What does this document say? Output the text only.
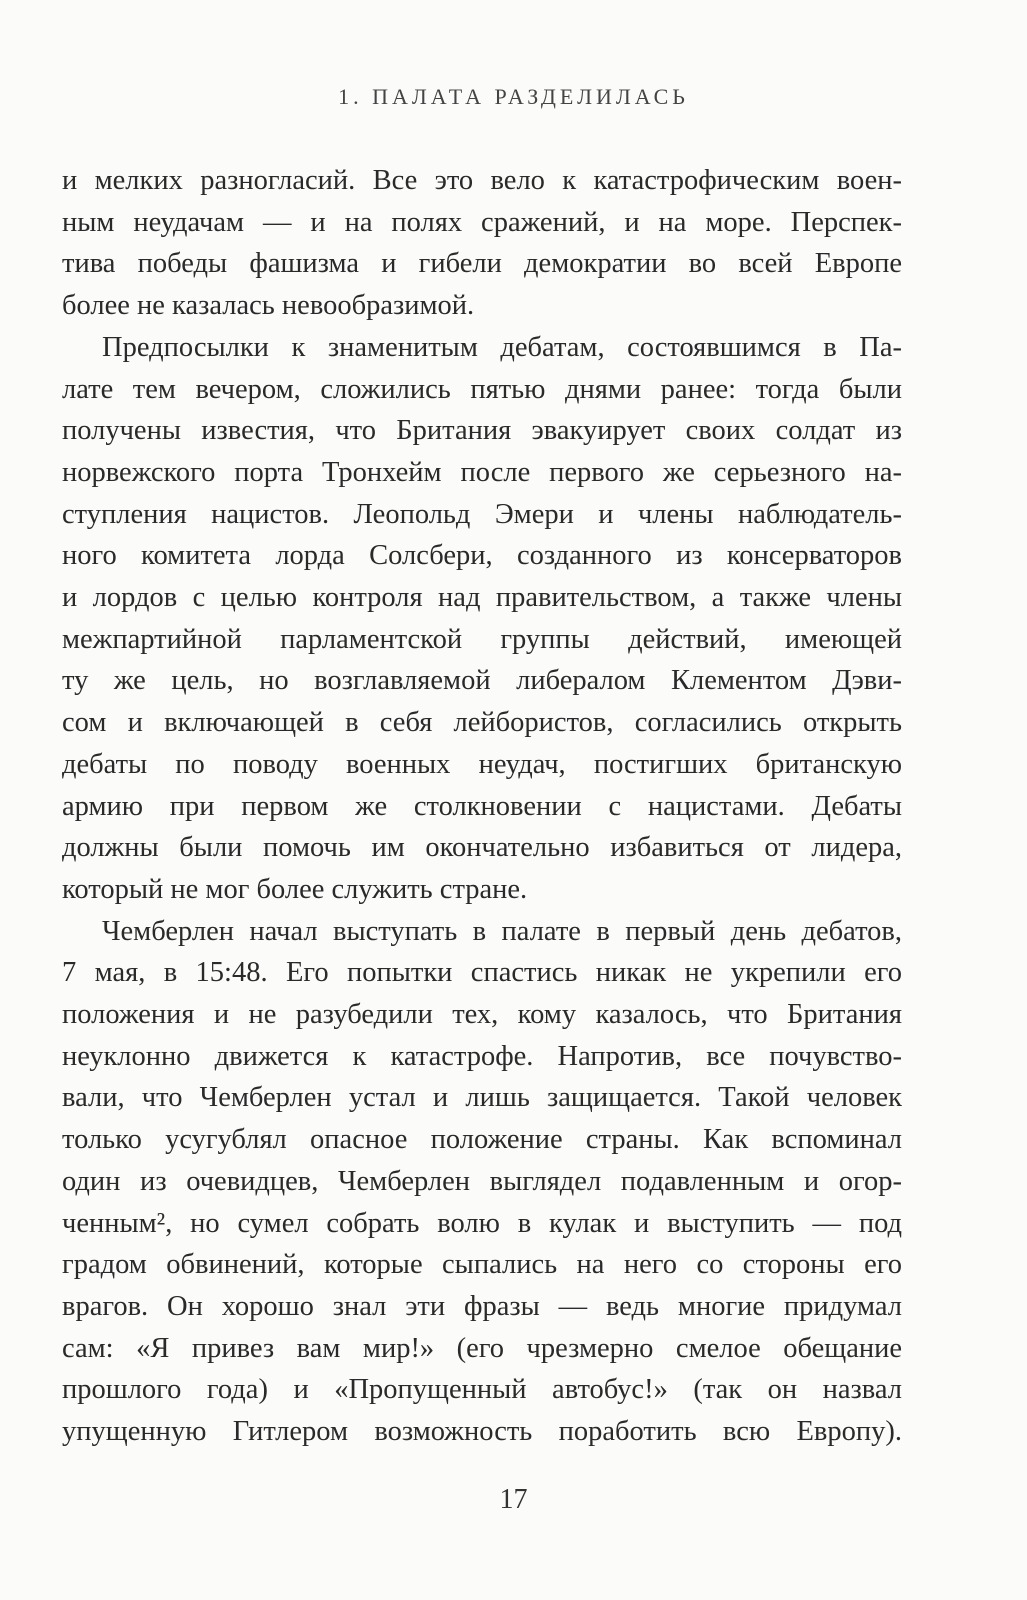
1. ПАЛАТА РАЗДЕЛИЛАСЬ
и мелких разногласий. Все это вело к катастрофическим воен-
ным неудачам — и на полях сражений, и на море. Перспек-
тива победы фашизма и гибели демократии во всей Европе
более не казалась невообразимой.
Предпосылки к знаменитым дебатам, состоявшимся в Па-
лате тем вечером, сложились пятью днями ранее: тогда были
получены известия, что Британия эвакуирует своих солдат из
норвежского порта Тронхейм после первого же серьезного на-
ступления нацистов. Леопольд Эмери и члены наблюдатель-
ного комитета лорда Солсбери, созданного из консерваторов
и лордов с целью контроля над правительством, а также члены
межпартийной парламентской группы действий, имеющей
ту же цель, но возглавляемой либералом Клементом Дэви-
сом и включающей в себя лейбористов, согласились открыть
дебаты по поводу военных неудач, постигших британскую
армию при первом же столкновении с нацистами. Дебаты
должны были помочь им окончательно избавиться от лидера,
который не мог более служить стране.
Чемберлен начал выступать в палате в первый день дебатов,
7 мая, в 15:48. Его попытки спастись никак не укрепили его
положения и не разубедили тех, кому казалось, что Британия
неуклонно движется к катастрофе. Напротив, все почувство-
вали, что Чемберлен устал и лишь защищается. Такой человек
только усугублял опасное положение страны. Как вспоминал
один из очевидцев, Чемберлен выглядел подавленным и огор-
ченным², но сумел собрать волю в кулак и выступить — под
градом обвинений, которые сыпались на него со стороны его
врагов. Он хорошо знал эти фразы — ведь многие придумал
сам: «Я привез вам мир!» (его чрезмерно смелое обещание
прошлого года) и «Пропущенный автобус!» (так он назвал
упущенную Гитлером возможность поработить всю Европу).
17
